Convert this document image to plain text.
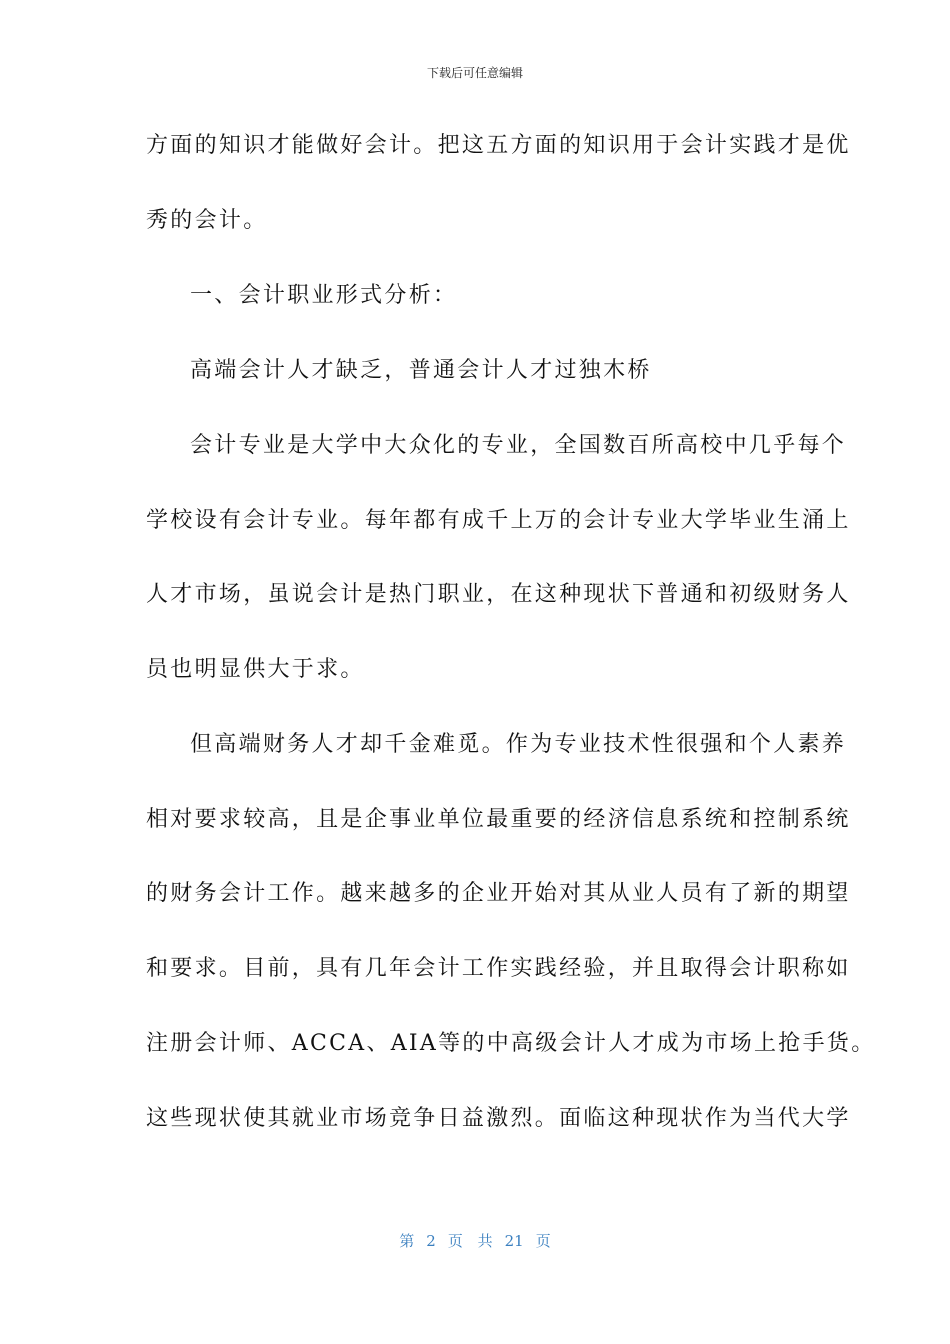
下载后可任意编辑
方面的知识才能做好会计。把这五方面的知识用于会计实践才是优
秀的会计。
一、会计职业形式分析：
高端会计人才缺乏，普通会计人才过独木桥
会计专业是大学中大众化的专业，全国数百所高校中几乎每个
学校设有会计专业。每年都有成千上万的会计专业大学毕业生涌上
人才市场，虽说会计是热门职业，在这种现状下普通和初级财务人
员也明显供大于求。
但高端财务人才却千金难觅。作为专业技术性很强和个人素养
相对要求较高，且是企事业单位最重要的经济信息系统和控制系统
的财务会计工作。越来越多的企业开始对其从业人员有了新的期望
和要求。目前，具有几年会计工作实践经验，并且取得会计职称如
注册会计师、ACCA、AIA等的中高级会计人才成为市场上抢手货。
这些现状使其就业市场竞争日益激烈。面临这种现状作为当代大学
第 2 页 共 21 页
